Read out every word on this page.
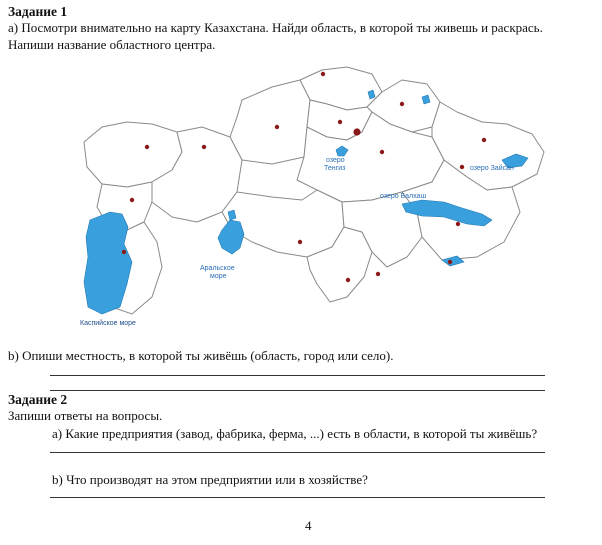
Задание 1
а) Посмотри внимательно на карту Казахстана. Найди область, в которой ты живешь и раскрась.
Напиши название областного центра.
озеро
Тенгиз	озеро Зайсан
озеро Балхаш
Аральское
море
Каспийское море
b) Опиши местность, в которой ты живёшь (область, город или село).
Задание 2
Запиши ответы на вопросы.
а) Какие предприятия (завод, фабрика, ферма, ...) есть в области, в которой ты живёшь?
b) Что производят на этом предприятии или в хозяйстве?
4
